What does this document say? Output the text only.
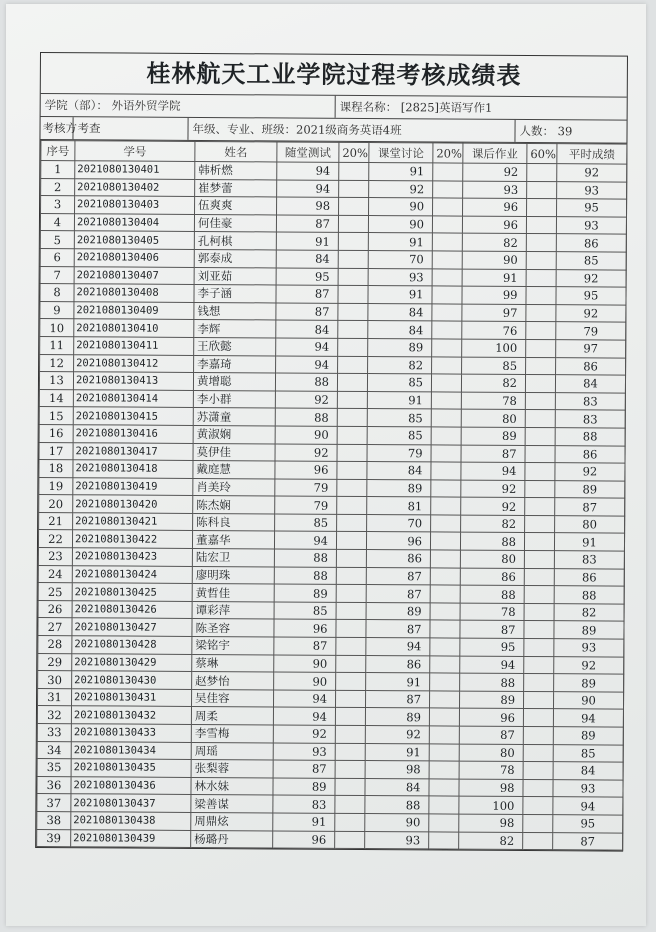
桂林航天工业学院过程考核成绩表
学院（部）： 外语外贸学院	课程名称： [2825]英语写作1
考核方 考查	年级、专业、班级：2021级商务英语4班	人数： 39
序号	学号	姓名	随堂测试	20%	课堂讨论	20%	课后作业	60%	平时成绩
1	2021080130401	韩析燃	94		91		92		92
2	2021080130402	崔梦蕾	94		92		93		93
3	2021080130403	伍爽爽	98		90		96		95
4	2021080130404	何佳豪	87		90		96		93
5	2021080130405	孔柯棋	91		91		82		86
6	2021080130406	郭泰成	84		70		90		85
7	2021080130407	刘亚茹	95		93		91		92
8	2021080130408	李子涵	87		91		99		95
9	2021080130409	钱想	87		84		97		92
10	2021080130410	李辉	84		84		76		79
11	2021080130411	王欣懿	94		89		100		97
12	2021080130412	李嘉琦	94		82		85		86
13	2021080130413	黄增聪	88		85		82		84
14	2021080130414	李小群	92		91		78		83
15	2021080130415	苏潇童	88		85		80		83
16	2021080130416	黄淑娴	90		85		89		88
17	2021080130417	莫伊佳	92		79		87		86
18	2021080130418	戴庭慧	96		84		94		92
19	2021080130419	肖美玲	79		89		92		89
20	2021080130420	陈杰娴	79		81		92		87
21	2021080130421	陈科良	85		70		82		80
22	2021080130422	董嘉华	94		96		88		91
23	2021080130423	陆宏卫	88		86		80		83
24	2021080130424	廖明珠	88		87		86		86
25	2021080130425	黄哲佳	89		87		88		88
26	2021080130426	谭彩萍	85		89		78		82
27	2021080130427	陈圣容	96		87		87		89
28	2021080130428	梁铭宇	87		94		95		93
29	2021080130429	蔡琳	90		86		94		92
30	2021080130430	赵梦怡	90		91		88		89
31	2021080130431	吴佳容	94		87		89		90
32	2021080130432	周柔	94		89		96		94
33	2021080130433	李雪梅	92		92		87		89
34	2021080130434	周瑶	93		91		80		85
35	2021080130435	张梨蓉	87		98		78		84
36	2021080130436	林水妹	89		84		98		93
37	2021080130437	梁善谋	83		88		100		94
38	2021080130438	周鼎炫	91		90		98		95
39	2021080130439	杨璐丹	96		93		82		87
